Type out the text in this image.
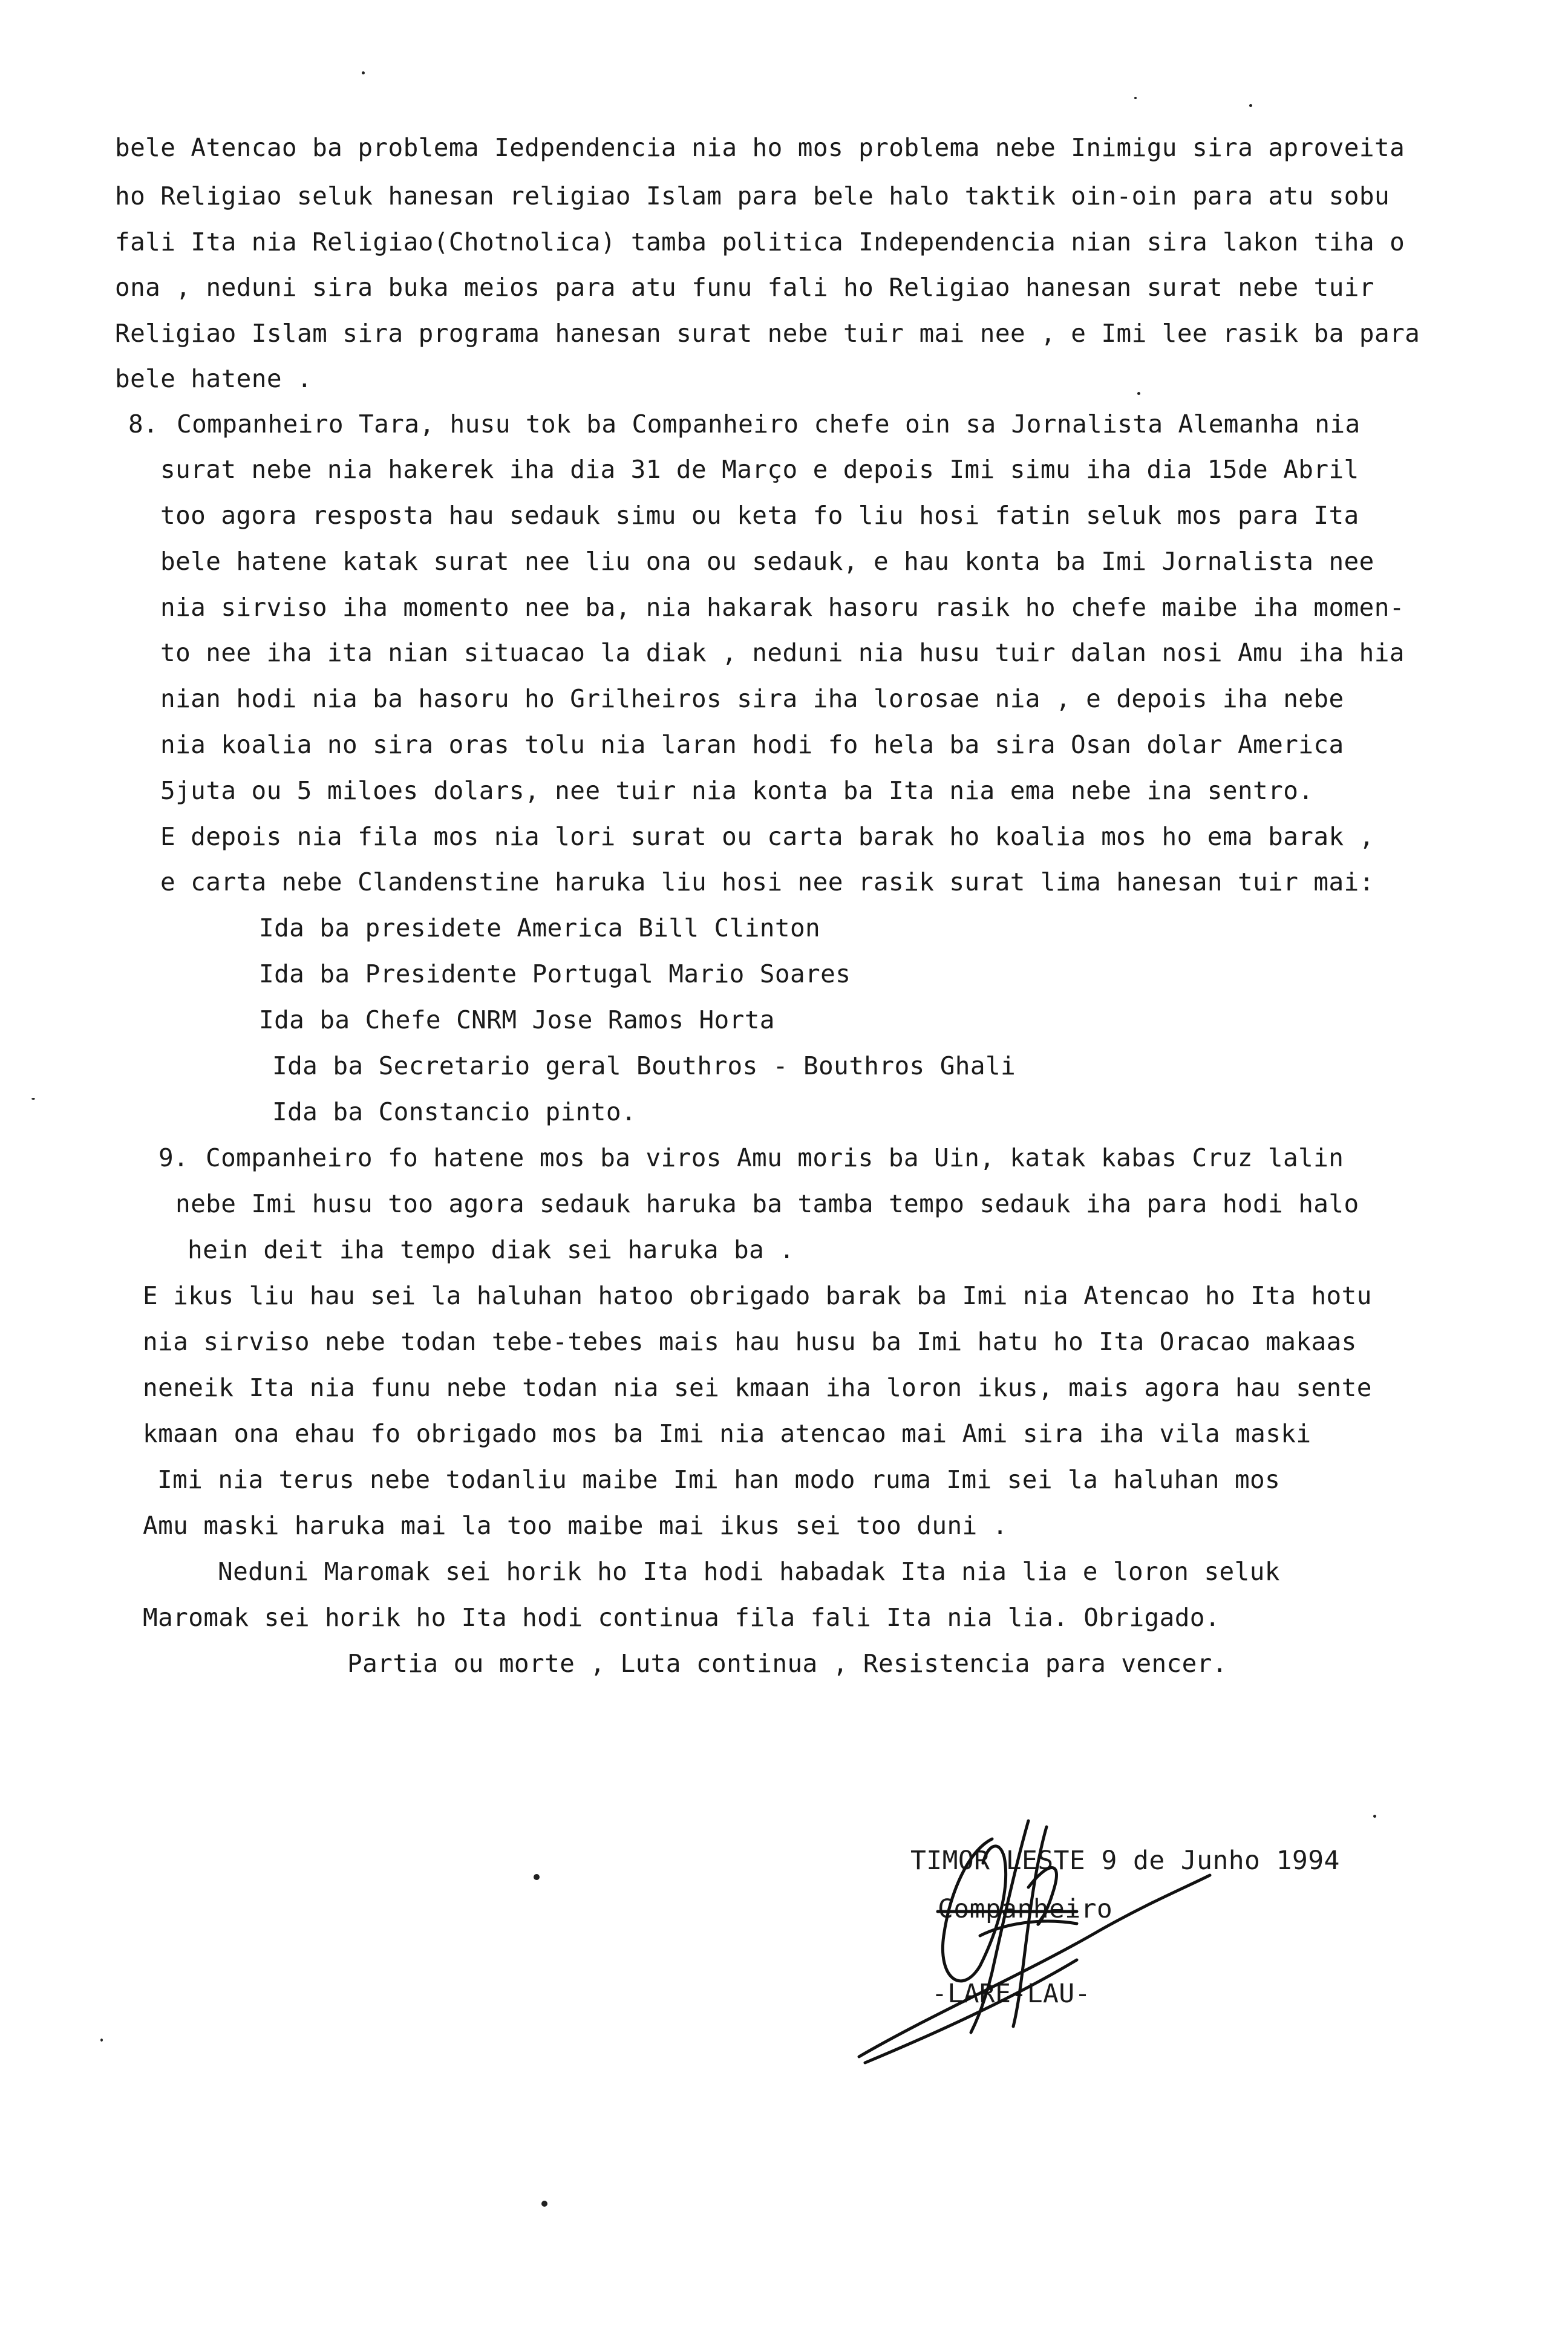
bele Atencao ba problema Iedpendencia nia ho mos problema nebe Inimigu sira aproveita
ho Religiao seluk hanesan religiao Islam para bele halo taktik oin-oin para atu sobu
fali Ita nia Religiao(Chotnolica) tamba politica Independencia nian sira lakon tiha o
ona , neduni sira buka meios para atu funu fali ho Religiao hanesan surat nebe tuir
Religiao Islam sira programa hanesan surat nebe tuir mai nee , e Imi lee rasik ba para
bele hatene .
8. Companheiro Tara, husu tok ba Companheiro chefe oin sa Jornalista Alemanha nia
surat nebe nia hakerek iha dia 31 de Março e depois Imi simu iha dia 15de Abril
too agora resposta hau sedauk simu ou keta fo liu hosi fatin seluk mos para Ita
bele hatene katak surat nee liu ona ou sedauk, e hau konta ba Imi Jornalista nee
nia sirviso iha momento nee ba, nia hakarak hasoru rasik ho chefe maibe iha momen-
to nee iha ita nian situacao la diak , neduni nia husu tuir dalan nosi Amu iha hia
nian hodi nia ba hasoru ho Grilheiros sira iha lorosae nia , e depois iha nebe
nia koalia no sira oras tolu nia laran hodi fo hela ba sira Osan dolar America
5juta ou 5 miloes dolars, nee tuir nia konta ba Ita nia ema nebe ina sentro.
E depois nia fila mos nia lori surat ou carta barak ho koalia mos ho ema barak ,
e carta nebe Clandenstine haruka liu hosi nee rasik surat lima hanesan tuir mai:
Ida ba presidete America Bill Clinton
Ida ba Presidente Portugal Mario Soares
Ida ba Chefe CNRM Jose Ramos Horta
Ida ba Secretario geral Bouthros - Bouthros Ghali
Ida ba Constancio pinto.
9. Companheiro fo hatene mos ba viros Amu moris ba Uin, katak kabas Cruz lalin
nebe Imi husu too agora sedauk haruka ba tamba tempo sedauk iha para hodi halo
hein deit iha tempo diak sei haruka ba .
E ikus liu hau sei la haluhan hatoo obrigado barak ba Imi nia Atencao ho Ita hotu
nia sirviso nebe todan tebe-tebes mais hau husu ba Imi hatu ho Ita Oracao makaas
neneik Ita nia funu nebe todan nia sei kmaan iha loron ikus, mais agora hau sente
kmaan ona ehau fo obrigado mos ba Imi nia atencao mai Ami sira iha vila maski
Imi nia terus nebe todanliu maibe Imi han modo ruma Imi sei la haluhan mos
Amu maski haruka mai la too maibe mai ikus sei too duni .
Neduni Maromak sei horik ho Ita hodi habadak Ita nia lia e loron seluk
Maromak sei horik ho Ita hodi continua fila fali Ita nia lia. Obrigado.
Partia ou morte , Luta continua , Resistencia para vencer.
TIMOR LESTE 9 de Junho 1994
Companheiro
-LARE-LAU-
